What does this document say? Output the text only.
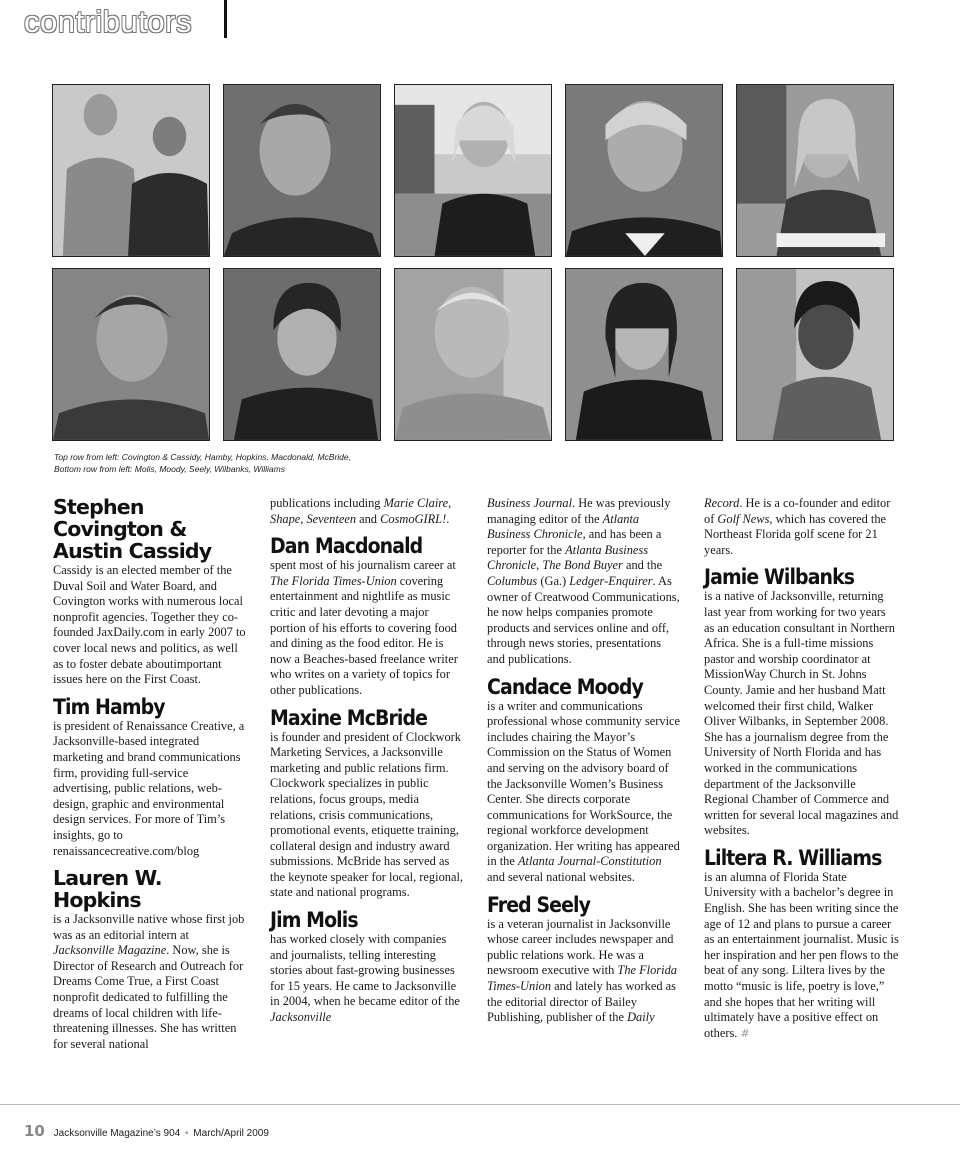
contributors
Top row from left: Covington & Cassidy, Hamby, Hopkins, Macdonald, McBride,
Bottom row from left: Molis, Moody, Seely, Wilbanks, Williams
Stephen Covington & Austin Cassidy

Cassidy is an elected member of the Duval Soil and Water Board, and Covington works with numerous local nonprofit agencies. Together they co-founded JaxDaily.com in early 2007 to cover local news and politics, as well as to foster debate aboutimportant issues here on the First Coast.

Tim Hamby

is president of Renaissance Creative, a Jacksonville-based integrated marketing and brand communications firm, providing full-service advertising, public relations, web-design, graphic and environmental design services. For more of Tim’s insights, go to renaissancecreative.com/blog

Lauren W. Hopkins

is a Jacksonville native whose first job was as an editorial intern at Jacksonville Magazine. Now, she is Director of Research and Outreach for Dreams Come True, a First Coast nonprofit dedicated to fulfilling the dreams of local children with life-threatening illnesses. She has written for several national

publications including Marie Claire, Shape, Seventeen and CosmoGIRL!.

Dan Macdonald

spent most of his journalism career at The Florida Times-Union covering entertainment and nightlife as music critic and later devoting a major portion of his efforts to covering food and dining as the food editor. He is now a Beaches-based freelance writer who writes on a variety of topics for other publications.

Maxine McBride

is founder and president of Clockwork Marketing Services, a Jacksonville marketing and public relations firm. Clockwork specializes in public relations, focus groups, media relations, crisis communications, promotional events, etiquette training, collateral design and industry award submissions. McBride has served as the keynote speaker for local, regional, state and national programs.

Jim Molis

has worked closely with companies and journalists, telling interesting stories about fast-growing businesses for 15 years. He came to Jacksonville in 2004, when he became editor of the Jacksonville

Business Journal. He was previously managing editor of the Atlanta Business Chronicle, and has been a reporter for the Atlanta Business Chronicle, The Bond Buyer and the Columbus (Ga.) Ledger-Enquirer. As owner of Creatwood Communications, he now helps companies promote products and services online and off, through news stories, presentations and publications.

Candace Moody

is a writer and communications professional whose community service includes chairing the Mayor’s Commission on the Status of Women and serving on the advisory board of the Jacksonville Women’s Business Center. She directs corporate communications for WorkSource, the regional workforce development organization. Her writing has appeared in the Atlanta Journal-Constitution and several national websites.

Fred Seely

is a veteran journalist in Jacksonville whose career includes newspaper and public relations work. He was a newsroom executive with The Florida Times-Union and lately has worked as the editorial director of Bailey Publishing, publisher of the Daily

Record. He is a co-founder and editor of Golf News, which has covered the Northeast Florida golf scene for 21 years.

Jamie Wilbanks

is a native of Jacksonville, returning last year from working for two years as an education consultant in Northern Africa. She is a full-time missions pastor and worship coordinator at MissionWay Church in St. Johns County. Jamie and her husband Matt welcomed their first child, Walker Oliver Wilbanks, in September 2008. She has a journalism degree from the University of North Florida and has worked in the communications department of the Jacksonville Regional Chamber of Commerce and written for several local magazines and websites.

Liltera R. Williams

is an alumna of Florida State University with a bachelor’s degree in English. She has been writing since the age of 12 and plans to pursue a career as an entertainment journalist. Music is her inspiration and her pen flows to the beat of any song. Liltera lives by the motto “music is life, poetry is love,” and she hopes that her writing will ultimately have a positive effect on others. #

10 Jacksonville Magazine’s 904 • March/April 2009
